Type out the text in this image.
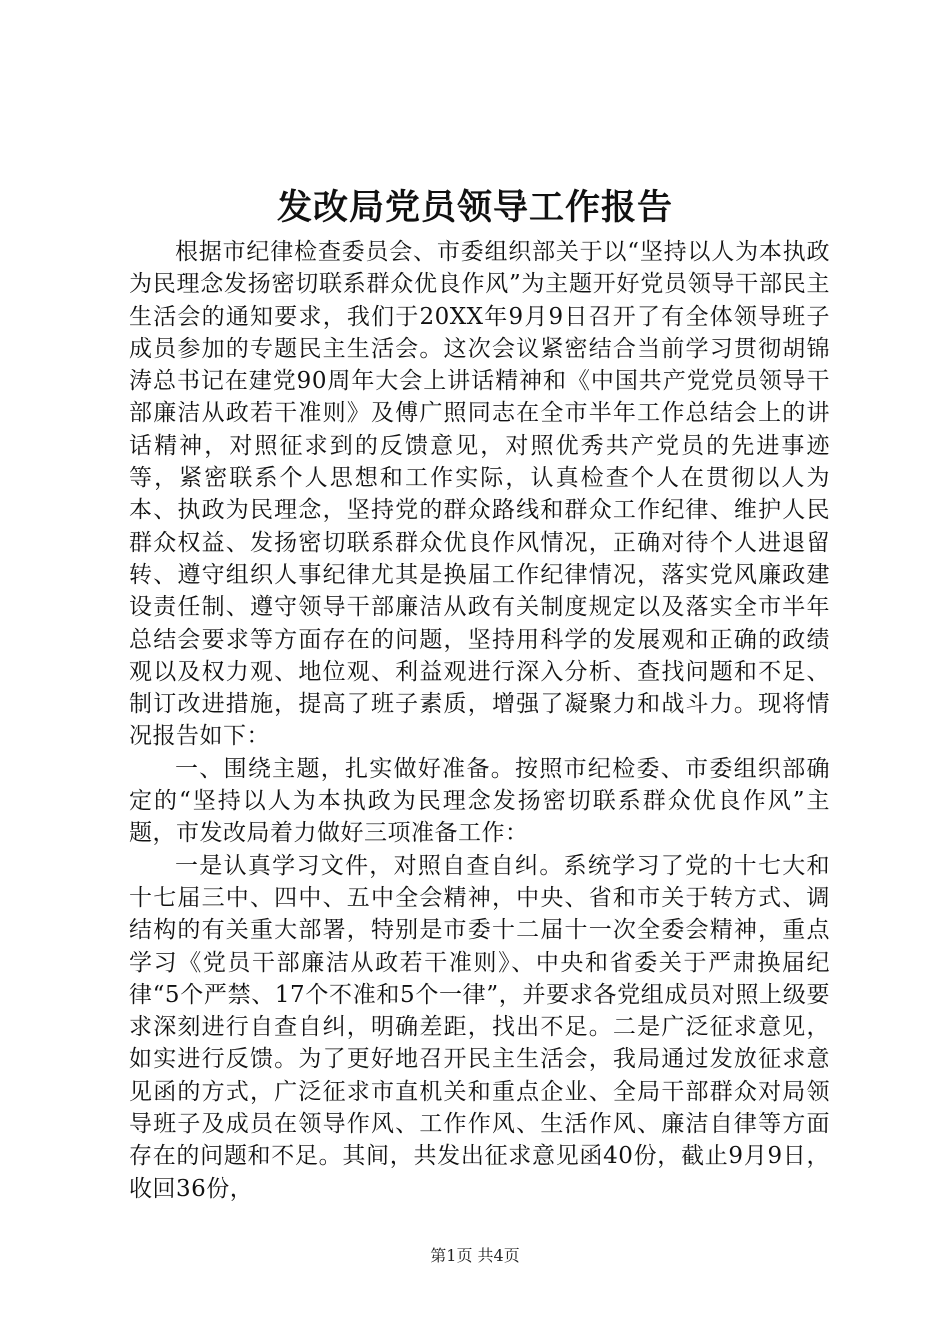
发改局党员领导工作报告

根据市纪律检查委员会、市委组织部关于以“坚持以人为本执政为民理念发扬密切联系群众优良作风”为主题开好党员领导干部民主生活会的通知要求，我们于20XX年9月9日召开了有全体领导班子成员参加的专题民主生活会。这次会议紧密结合当前学习贯彻胡锦涛总书记在建党90周年大会上讲话精神和《中国共产党党员领导干部廉洁从政若干准则》及傅广照同志在全市半年工作总结会上的讲话精神，对照征求到的反馈意见，对照优秀共产党员的先进事迹等，紧密联系个人思想和工作实际，认真检查个人在贯彻以人为本、执政为民理念，坚持党的群众路线和群众工作纪律、维护人民群众权益、发扬密切联系群众优良作风情况，正确对待个人进退留转、遵守组织人事纪律尤其是换届工作纪律情况，落实党风廉政建设责任制、遵守领导干部廉洁从政有关制度规定以及落实全市半年总结会要求等方面存在的问题，坚持用科学的发展观和正确的政绩观以及权力观、地位观、利益观进行深入分析、查找问题和不足、制订改进措施，提高了班子素质，增强了凝聚力和战斗力。现将情况报告如下：

一、围绕主题，扎实做好准备。按照市纪检委、市委组织部确定的“坚持以人为本执政为民理念发扬密切联系群众优良作风”主题，市发改局着力做好三项准备工作：

一是认真学习文件，对照自查自纠。系统学习了党的十七大和十七届三中、四中、五中全会精神，中央、省和市关于转方式、调结构的有关重大部署，特别是市委十二届十一次全委会精神，重点学习《党员干部廉洁从政若干准则》、中央和省委关于严肃换届纪律“5个严禁、17个不准和5个一律”，并要求各党组成员对照上级要求深刻进行自查自纠，明确差距，找出不足。二是广泛征求意见，如实进行反馈。为了更好地召开民主生活会，我局通过发放征求意见函的方式，广泛征求市直机关和重点企业、全局干部群众对局领导班子及成员在领导作风、工作作风、生活作风、廉洁自律等方面存在的问题和不足。其间，共发出征求意见函40份，截止9月9日，收回36份，

第1页 共4页
